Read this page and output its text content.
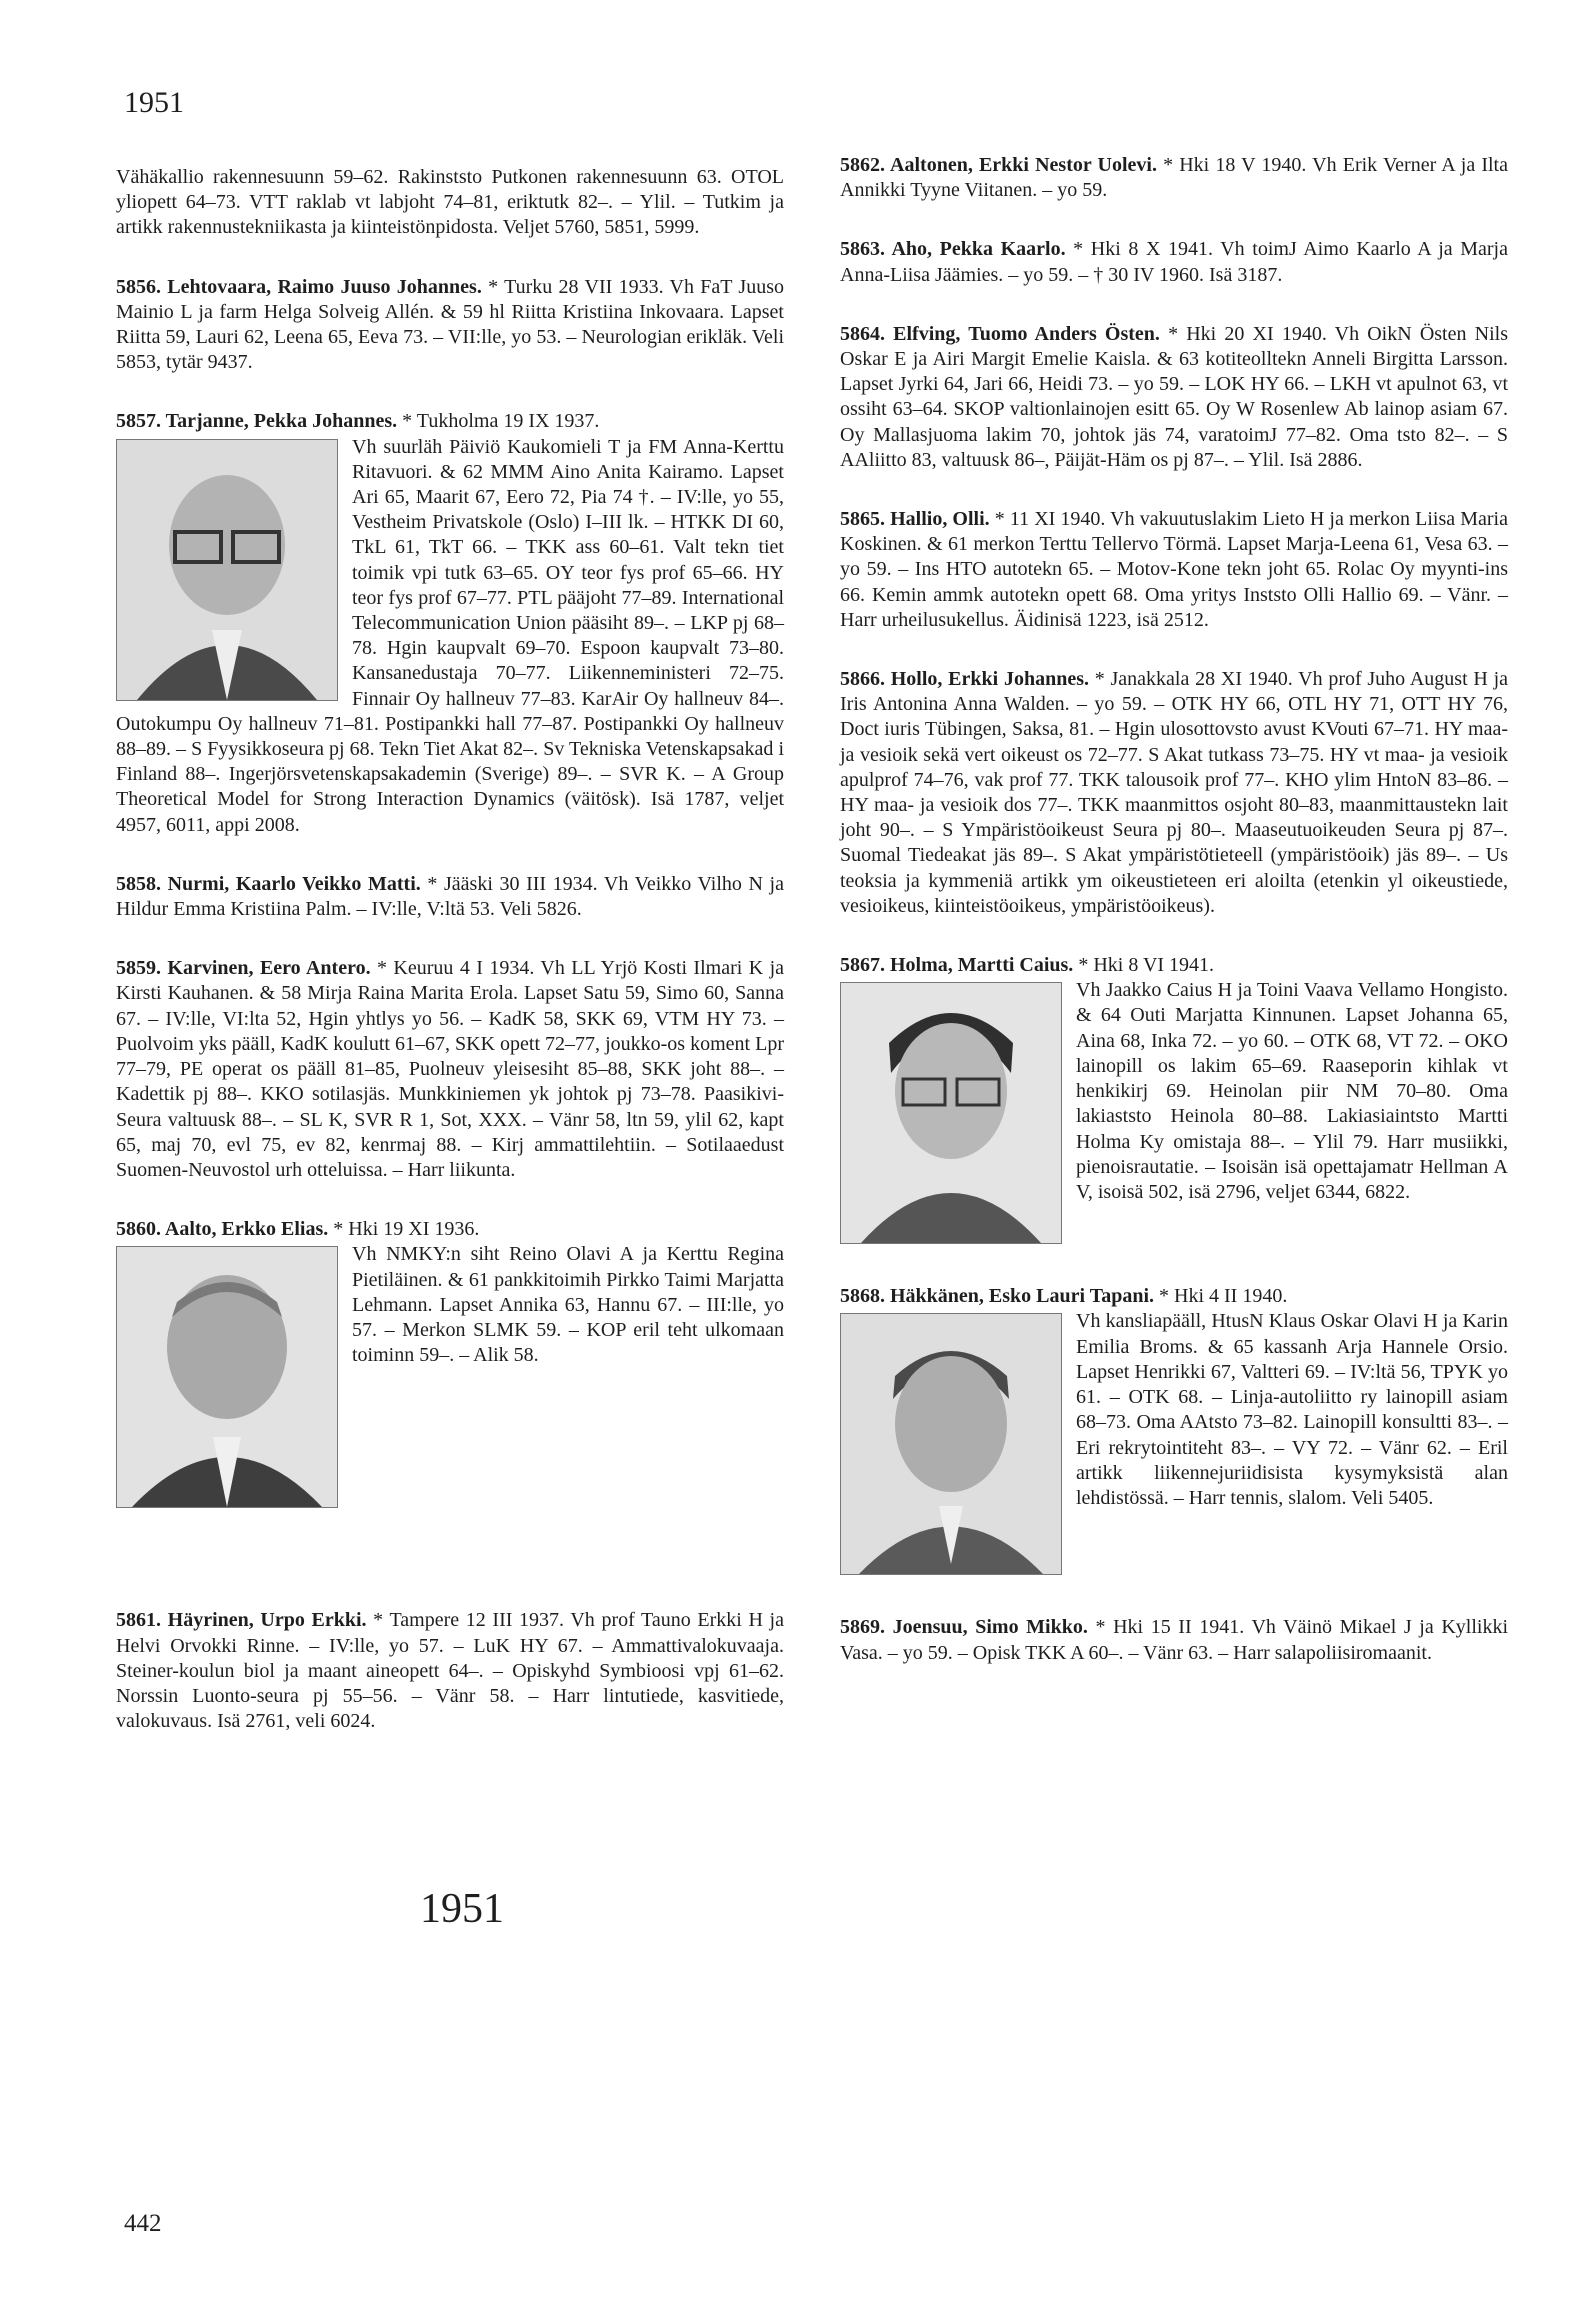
1951

Vähäkallio rakennesuunn 59–62. Rakinststo Putkonen rakennesuunn 63. OTOL yliopett 64–73. VTT raklab vt labjoht 74–81, eriktutk 82–. – Ylil. – Tutkim ja artikk rakennustekniikasta ja kiinteistönpidosta. Veljet 5760, 5851, 5999.

5856. Lehtovaara, Raimo Juuso Johannes. * Turku 28 VII 1933. Vh FaT Juuso Mainio L ja farm Helga Solveig Allén. & 59 hl Riitta Kristiina Inkovaara. Lapset Riitta 59, Lauri 62, Leena 65, Eeva 73. – VII:lle, yo 53. – Neurologian erikläk. Veli 5853, tytär 9437.

5857. Tarjanne, Pekka Johannes. * Tukholma 19 IX 1937.

Vh suurläh Päiviö Kaukomieli T ja FM Anna-Kerttu Ritavuori. & 62 MMM Aino Anita Kairamo. Lapset Ari 65, Maarit 67, Eero 72, Pia 74 †. – IV:lle, yo 55, Vestheim Privatskole (Oslo) I–III lk. – HTKK DI 60, TkL 61, TkT 66. – TKK ass 60–61. Valt tekn tiet toimik vpi tutk 63–65. OY teor fys prof 65–66. HY teor fys prof 67–77. PTL pääjoht 77–89. International Telecommunication Union pääsiht 89–. – LKP pj 68–78. Hgin kaupvalt 69–70. Espoon kaupvalt 73–80. Kansanedustaja 70–77. Liikenneministeri 72–75. Finnair Oy hallneuv 77–83. KarAir Oy hallneuv 84–. Outokumpu Oy hallneuv 71–81. Postipankki hall 77–87. Postipankki Oy hallneuv 88–89. – S Fyysikkoseura pj 68. Tekn Tiet Akat 82–. Sv Tekniska Vetenskapsakad i Finland 88–. Ingerjörsvetenskapsakademin (Sverige) 89–. – SVR K. – A Group Theoretical Model for Strong Interaction Dynamics (väitösk). Isä 1787, veljet 4957, 6011, appi 2008.

5858. Nurmi, Kaarlo Veikko Matti. * Jääski 30 III 1934. Vh Veikko Vilho N ja Hildur Emma Kristiina Palm. – IV:lle, V:ltä 53. Veli 5826.

5859. Karvinen, Eero Antero. * Keuruu 4 I 1934. Vh LL Yrjö Kosti Ilmari K ja Kirsti Kauhanen. & 58 Mirja Raina Marita Erola. Lapset Satu 59, Simo 60, Sanna 67. – IV:lle, VI:lta 52, Hgin yhtlys yo 56. – KadK 58, SKK 69, VTM HY 73. – Puolvoim yks pääll, KadK koulutt 61–67, SKK opett 72–77, joukko-os koment Lpr 77–79, PE operat os pääll 81–85, Puolneuv yleisesiht 85–88, SKK joht 88–. – Kadettik pj 88–. KKO sotilasjäs. Munkkiniemen yk johtok pj 73–78. Paasikivi-Seura valtuusk 88–. – SL K, SVR R 1, Sot, XXX. – Vänr 58, ltn 59, ylil 62, kapt 65, maj 70, evl 75, ev 82, kenrmaj 88. – Kirj ammattilehtiin. – Sotilaaedust Suomen-Neuvostol urh otteluissa. – Harr liikunta.

5860. Aalto, Erkko Elias. * Hki 19 XI 1936.

Vh NMKY:n siht Reino Olavi A ja Kerttu Regina Pietiläinen. & 61 pankkitoimih Pirkko Taimi Marjatta Lehmann. Lapset Annika 63, Hannu 67. – III:lle, yo 57. – Merkon SLMK 59. – KOP eril teht ulkomaan toiminn 59–. – Alik 58.

5861. Häyrinen, Urpo Erkki. * Tampere 12 III 1937. Vh prof Tauno Erkki H ja Helvi Orvokki Rinne. – IV:lle, yo 57. – LuK HY 67. – Ammattivalokuvaaja. Steiner-koulun biol ja maant aineopett 64–. – Opiskyhd Symbioosi vpj 61–62. Norssin Luonto-seura pj 55–56. – Vänr 58. – Harr lintutiede, kasvitiede, valokuvaus. Isä 2761, veli 6024.

1951

5862. Aaltonen, Erkki Nestor Uolevi. * Hki 18 V 1940. Vh Erik Verner A ja Ilta Annikki Tyyne Viitanen. – yo 59.

5863. Aho, Pekka Kaarlo. * Hki 8 X 1941. Vh toimJ Aimo Kaarlo A ja Marja Anna-Liisa Jäämies. – yo 59. – † 30 IV 1960. Isä 3187.

5864. Elfving, Tuomo Anders Östen. * Hki 20 XI 1940. Vh OikN Östen Nils Oskar E ja Airi Margit Emelie Kaisla. & 63 kotiteolltekn Anneli Birgitta Larsson. Lapset Jyrki 64, Jari 66, Heidi 73. – yo 59. – LOK HY 66. – LKH vt apulnot 63, vt ossiht 63–64. SKOP valtionlainojen esitt 65. Oy W Rosenlew Ab lainop asiam 67. Oy Mallasjuoma lakim 70, johtok jäs 74, varatoimJ 77–82. Oma tsto 82–. – S AAliitto 83, valtuusk 86–, Päijät-Häm os pj 87–. – Ylil. Isä 2886.

5865. Hallio, Olli. * 11 XI 1940. Vh vakuutuslakim Lieto H ja merkon Liisa Maria Koskinen. & 61 merkon Terttu Tellervo Törmä. Lapset Marja-Leena 61, Vesa 63. – yo 59. – Ins HTO autotekn 65. – Motov-Kone tekn joht 65. Rolac Oy myynti-ins 66. Kemin ammk autotekn opett 68. Oma yritys Inststo Olli Hallio 69. – Vänr. – Harr urheilusukellus. Äidinisä 1223, isä 2512.

5866. Hollo, Erkki Johannes. * Janakkala 28 XI 1940. Vh prof Juho August H ja Iris Antonina Anna Walden. – yo 59. – OTK HY 66, OTL HY 71, OTT HY 76, Doct iuris Tübingen, Saksa, 81. – Hgin ulosottovsto avust KVouti 67–71. HY maa- ja vesioik sekä vert oikeust os 72–77. S Akat tutkass 73–75. HY vt maa- ja vesioik apulprof 74–76, vak prof 77. TKK talousoik prof 77–. KHO ylim HntoN 83–86. – HY maa- ja vesioik dos 77–. TKK maanmittos osjoht 80–83, maanmittaustekn lait joht 90–. – S Ympäristöoikeust Seura pj 80–. Maaseutuoikeuden Seura pj 87–. Suomal Tiedeakat jäs 89–. S Akat ympäristötieteell (ympäristöoik) jäs 89–. – Us teoksia ja kymmeniä artikk ym oikeustieteen eri aloilta (etenkin yl oikeustiede, vesioikeus, kiinteistöoikeus, ympäristöoikeus).

5867. Holma, Martti Caius. * Hki 8 VI 1941.

Vh Jaakko Caius H ja Toini Vaava Vellamo Hongisto. & 64 Outi Marjatta Kinnunen. Lapset Johanna 65, Aina 68, Inka 72. – yo 60. – OTK 68, VT 72. – OKO lainopill os lakim 65–69. Raaseporin kihlak vt henkikirj 69. Heinolan piir NM 70–80. Oma lakiaststo Heinola 80–88. Lakiasiaintsto Martti Holma Ky omistaja 88–. – Ylil 79. Harr musiikki, pienoisrautatie. – Isoisän isä opettajamatr Hellman A V, isoisä 502, isä 2796, veljet 6344, 6822.

5868. Häkkänen, Esko Lauri Tapani. * Hki 4 II 1940.

Vh kansliapääll, HtusN Klaus Oskar Olavi H ja Karin Emilia Broms. & 65 kassanh Arja Hannele Orsio. Lapset Henrikki 67, Valtteri 69. – IV:ltä 56, TPYK yo 61. – OTK 68. – Linja-autoliitto ry lainopill asiam 68–73. Oma AAtsto 73–82. Lainopill konsultti 83–. – Eri rekrytointiteht 83–. – VY 72. – Vänr 62. – Eril artikk liikennejuriidisista kysymyksistä alan lehdistössä. – Harr tennis, slalom. Veli 5405.

5869. Joensuu, Simo Mikko. * Hki 15 II 1941. Vh Väinö Mikael J ja Kyllikki Vasa. – yo 59. – Opisk TKK A 60–. – Vänr 63. – Harr salapoliisiromaanit.

442
